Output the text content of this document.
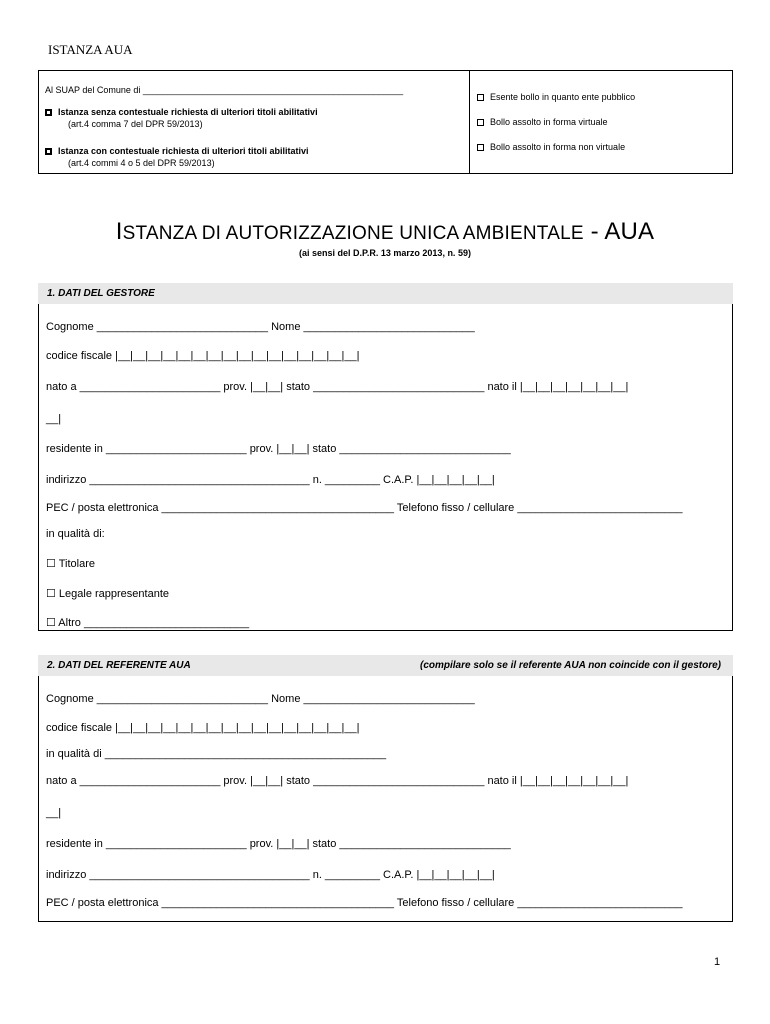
ISTANZA AUA
Al SUAP del Comune di ____________________________________________________
Istanza senza contestuale richiesta di ulteriori titoli abilitativi
(art.4 comma 7 del DPR 59/2013)
Istanza con contestuale richiesta di ulteriori titoli abilitativi
(art.4 commi 4 o 5 del DPR 59/2013)
Esente bollo in quanto ente pubblico
Bollo assolto in forma virtuale
Bollo assolto in forma non virtuale
ISTANZA DI AUTORIZZAZIONE UNICA AMBIENTALE - AUA
(ai sensi del D.P.R. 13 marzo 2013, n. 59)
1. DATI DEL GESTORE
Cognome ____________________________ Nome ____________________________
codice fiscale |__|__|__|__|__|__|__|__|__|__|__|__|__|__|__|__|
nato a _______________________ prov. |__|__| stato ____________________________ nato il |__|__|__|__|__|__|__|
__|
residente in _______________________ prov. |__|__| stato ____________________________
indirizzo ____________________________________ n. _________ C.A.P. |__|__|__|__|__|
PEC / posta elettronica ______________________________________ Telefono fisso / cellulare ___________________________
in qualità di:
☐ Titolare
☐ Legale rappresentante
☐ Altro ___________________________
2. DATI DEL REFERENTE AUA	(compilare solo se il referente AUA non coincide con il gestore)
Cognome ____________________________ Nome ____________________________
codice fiscale |__|__|__|__|__|__|__|__|__|__|__|__|__|__|__|__|
in qualità di ______________________________________________
nato a _______________________ prov. |__|__| stato ____________________________ nato il |__|__|__|__|__|__|__|
__|
residente in _______________________ prov. |__|__| stato ____________________________
indirizzo ____________________________________ n. _________ C.A.P. |__|__|__|__|__|
PEC / posta elettronica ______________________________________ Telefono fisso / cellulare ___________________________
1
